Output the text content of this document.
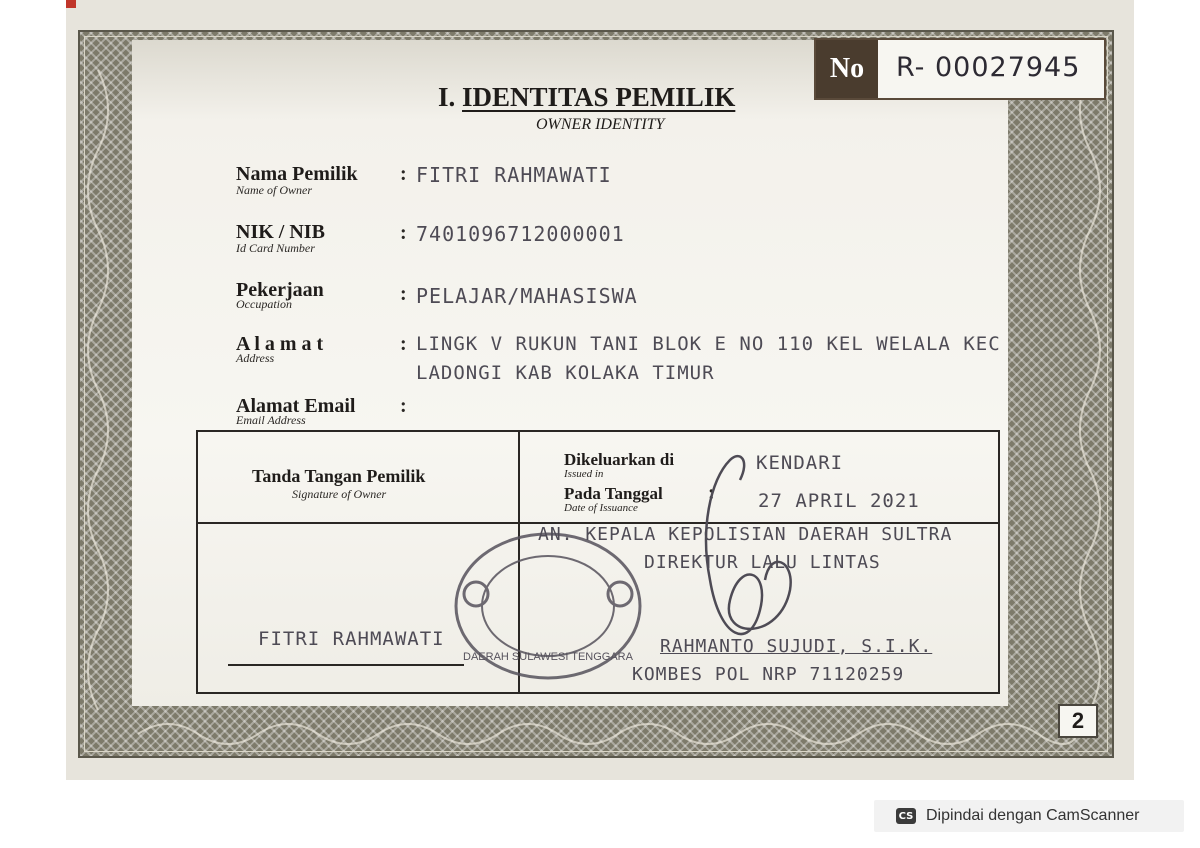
No	R- 00027945
I. IDENTITAS PEMILIK
OWNER IDENTITY
Nama Pemilik
Name of Owner
: FITRI RAHMAWATI
NIK / NIB
Id Card Number
: 7401096712000001
Pekerjaan
Occupation	: PELAJAR/MAHASISWA
A l a m a t
Address
: LINGK V RUKUN TANI BLOK E NO 110 KEL WELALA KEC
LADONGI KAB KOLAKA TIMUR
Alamat Email
Email Address
:
Tanda Tangan Pemilik
Signature of Owner
Dikeluarkan di
Issued in	KENDARI
Pada Tanggal
Date of Issuance
: 27 APRIL 2021
DAERAH SULAWESI TENGGARA
AN. KEPALA KEPOLISIAN DAERAH SULTRA
DIREKTUR LALU LINTAS
FITRI RAHMAWATI	RAHMANTO SUJUDI, S.I.K.
KOMBES POL NRP 71120259
2
CS Dipindai dengan CamScanner
